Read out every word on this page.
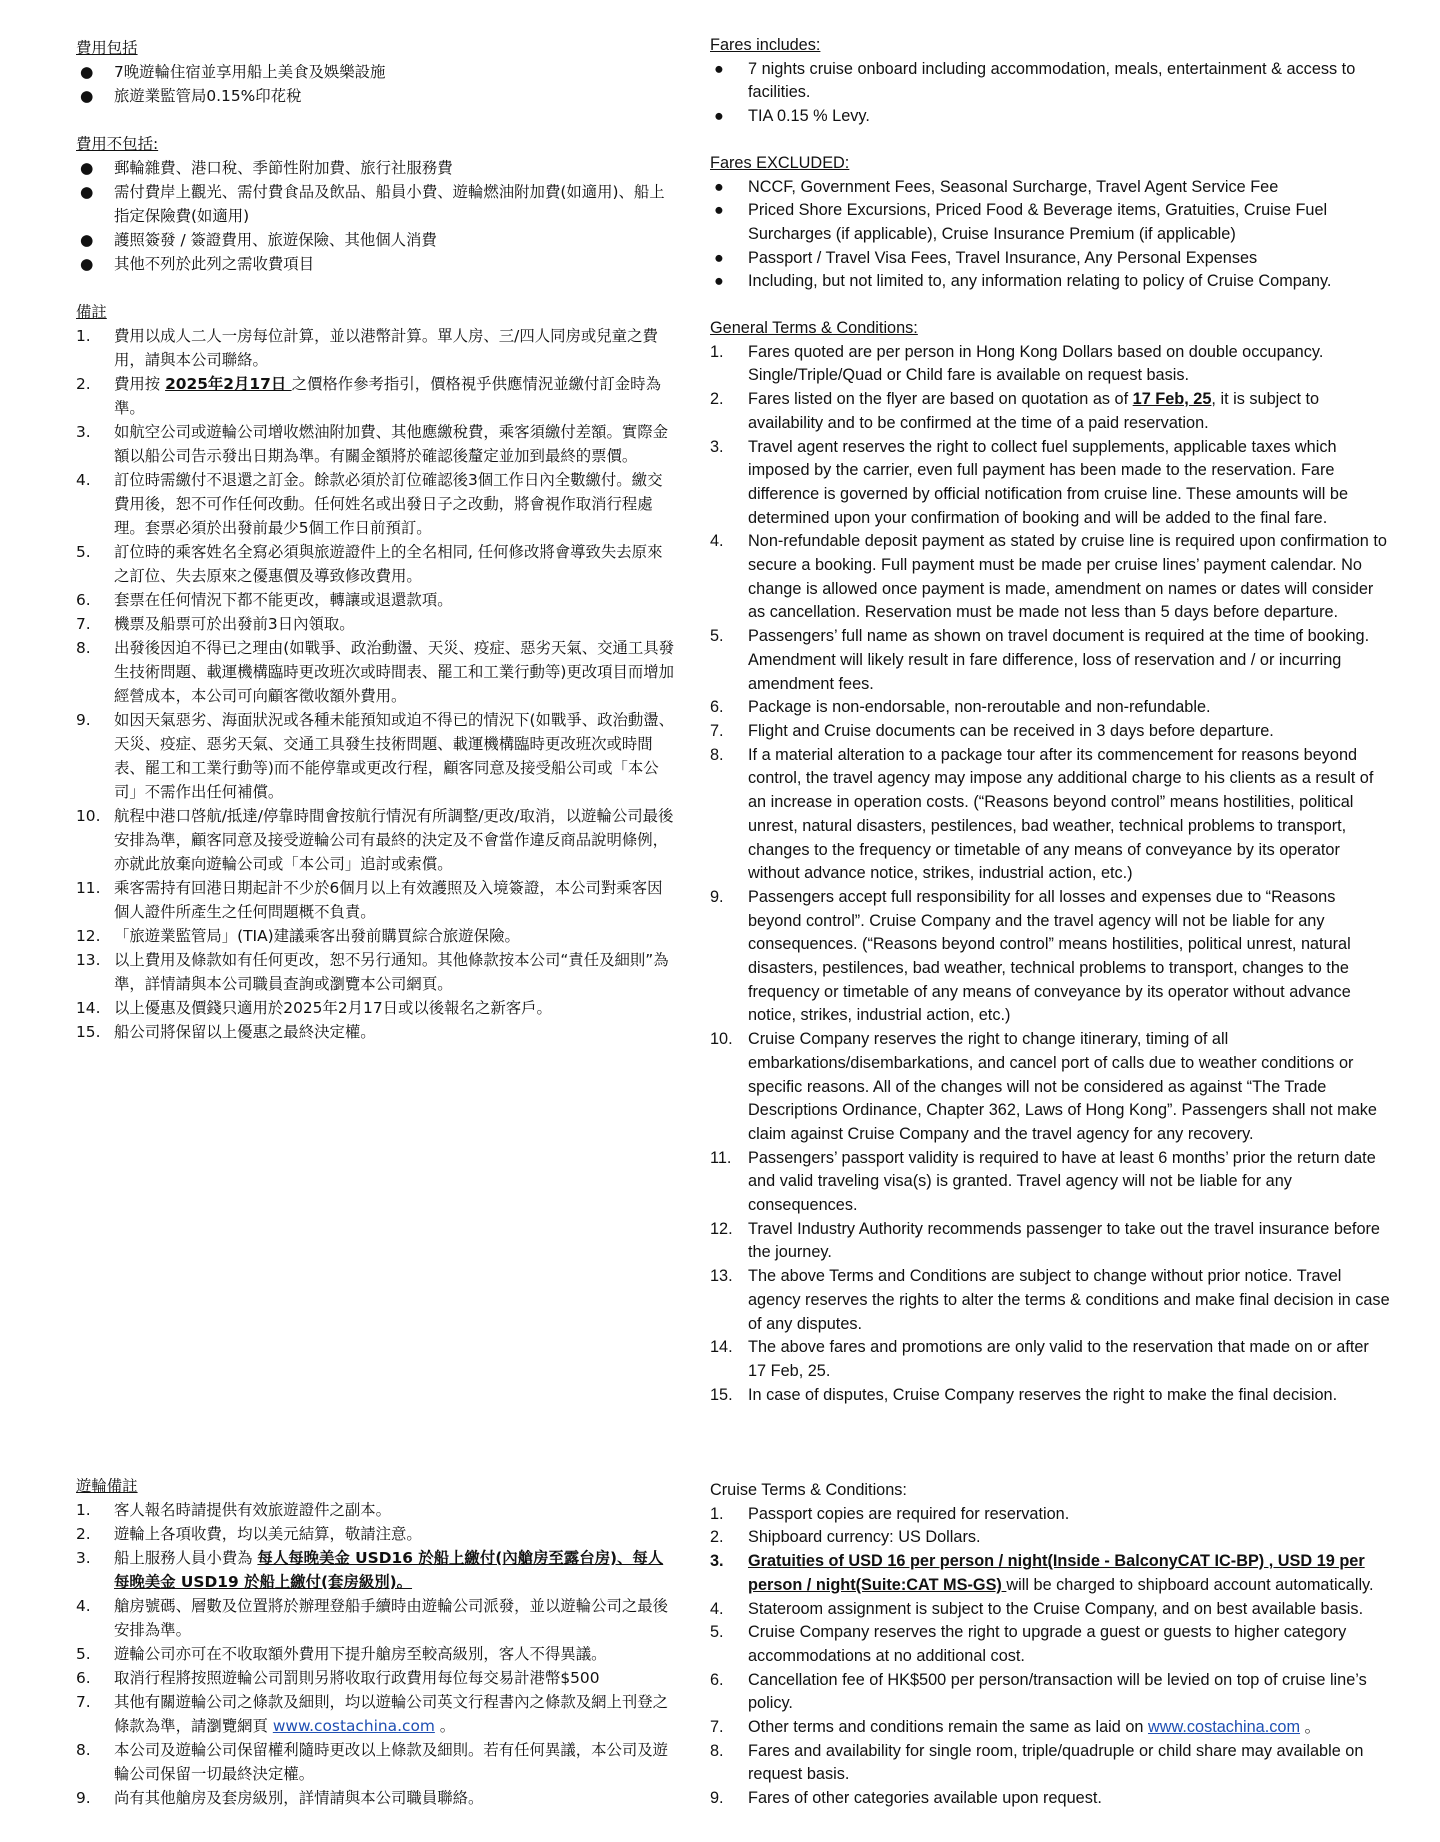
費用包括

● 7晚遊輪住宿並享用船上美食及娛樂設施
● 旅遊業監管局0.15%印花稅

費用不包括:

● 郵輪雜費、港口稅、季節性附加費、旅行社服務費
● 需付費岸上觀光、需付費食品及飲品、船員小費、遊輪燃油附加費(如適用)、船上指定保險費(如適用)
● 護照簽發 / 簽證費用、旅遊保險、其他個人消費
● 其他不列於此列之需收費項目

備註

1. 費用以成人二人一房每位計算，並以港幣計算。單人房、三/四人同房或兒童之費用，請與本公司聯絡。
2. 費用按 2025年2月17日 之價格作參考指引，價格視乎供應情況並繳付訂金時為準。
3. 如航空公司或遊輪公司增收燃油附加費、其他應繳稅費，乘客須繳付差額。實際金額以船公司告示發出日期為準。有關金額將於確認後釐定並加到最終的票價。
4. 訂位時需繳付不退還之訂金。餘款必須於訂位確認後3個工作日內全數繳付。繳交費用後，恕不可作任何改動。任何姓名或出發日子之改動，將會視作取消行程處理。套票必須於出發前最少5個工作日前預訂。
5. 訂位時的乘客姓名全寫必須與旅遊證件上的全名相同, 任何修改將會導致失去原來之訂位、失去原來之優惠價及導致修改費用。
6. 套票在任何情況下都不能更改，轉讓或退還款項。
7. 機票及船票可於出發前3日內領取。
8. 出發後因迫不得已之理由(如戰爭、政治動盪、天災、疫症、惡劣天氣、交通工具發生技術問題、載運機構臨時更改班次或時間表、罷工和工業行動等)更改項目而增加經營成本，本公司可向顧客徵收額外費用。
9. 如因天氣惡劣、海面狀況或各種未能預知或迫不得已的情況下(如戰爭、政治動盪、天災、疫症、惡劣天氣、交通工具發生技術問題、載運機構臨時更改班次或時間表、罷工和工業行動等)而不能停靠或更改行程，顧客同意及接受船公司或「本公司」不需作出任何補償。
10. 航程中港口啓航/抵達/停靠時間會按航行情況有所調整/更改/取消，以遊輪公司最後安排為準，顧客同意及接受遊輪公司有最終的決定及不會當作違反商品說明條例，亦就此放棄向遊輪公司或「本公司」追討或索償。
11. 乘客需持有回港日期起計不少於6個月以上有效護照及入境簽證，本公司對乘客因個人證件所產生之任何問題概不負責。
12. 「旅遊業監管局」(TIA)建議乘客出發前購買綜合旅遊保險。
13. 以上費用及條款如有任何更改，恕不另行通知。其他條款按本公司“責任及細則”為準，詳情請與本公司職員查詢或瀏覽本公司網頁。
14. 以上優惠及價錢只適用於2025年2月17日或以後報名之新客戶。
15. 船公司將保留以上優惠之最終決定權。

遊輪備註

1. 客人報名時請提供有效旅遊證件之副本。
2. 遊輪上各項收費，均以美元結算，敬請注意。
3. 船上服務人員小費為 每人每晚美金 USD16 於船上繳付(內艙房至露台房)、每人每晚美金 USD19 於船上繳付(套房級別)。
4. 艙房號碼、層數及位置將於辦理登船手續時由遊輪公司派發，並以遊輪公司之最後安排為準。
5. 遊輪公司亦可在不收取額外費用下提升艙房至較高級別，客人不得異議。
6. 取消行程將按照遊輪公司罰則另將收取行政費用每位每交易計港幣$500
7. 其他有關遊輪公司之條款及細則，均以遊輪公司英文行程書內之條款及網上刊登之條款為準，請瀏覽網頁 www.costachina.com 。
8. 本公司及遊輪公司保留權利隨時更改以上條款及細則。若有任何異議，本公司及遊輪公司保留一切最終決定權。
9. 尚有其他艙房及套房級別，詳情請與本公司職員聯絡。

Fares includes:

● 7 nights cruise onboard including accommodation, meals, entertainment & access to facilities.
● TIA 0.15 % Levy.

Fares EXCLUDED:

● NCCF, Government Fees, Seasonal Surcharge, Travel Agent Service Fee
● Priced Shore Excursions, Priced Food & Beverage items, Gratuities, Cruise Fuel Surcharges (if applicable), Cruise Insurance Premium (if applicable)
● Passport / Travel Visa Fees, Travel Insurance, Any Personal Expenses
● Including, but not limited to, any information relating to policy of Cruise Company.

General Terms & Conditions:

1. Fares quoted are per person in Hong Kong Dollars based on double occupancy. Single/Triple/Quad or Child fare is available on request basis.
2. Fares listed on the flyer are based on quotation as of 17 Feb, 25, it is subject to availability and to be confirmed at the time of a paid reservation.
3. Travel agent reserves the right to collect fuel supplements, applicable taxes which imposed by the carrier, even full payment has been made to the reservation. Fare difference is governed by official notification from cruise line. These amounts will be determined upon your confirmation of booking and will be added to the final fare.
4. Non-refundable deposit payment as stated by cruise line is required upon confirmation to secure a booking. Full payment must be made per cruise lines’ payment calendar. No change is allowed once payment is made, amendment on names or dates will consider as cancellation. Reservation must be made not less than 5 days before departure.
5. Passengers’ full name as shown on travel document is required at the time of booking. Amendment will likely result in fare difference, loss of reservation and / or incurring amendment fees.
6. Package is non-endorsable, non-reroutable and non-refundable.
7. Flight and Cruise documents can be received in 3 days before departure.
8. If a material alteration to a package tour after its commencement for reasons beyond control, the travel agency may impose any additional charge to his clients as a result of an increase in operation costs. (“Reasons beyond control” means hostilities, political unrest, natural disasters, pestilences, bad weather, technical problems to transport, changes to the frequency or timetable of any means of conveyance by its operator without advance notice, strikes, industrial action, etc.)
9. Passengers accept full responsibility for all losses and expenses due to “Reasons beyond control”. Cruise Company and the travel agency will not be liable for any consequences. (“Reasons beyond control” means hostilities, political unrest, natural disasters, pestilences, bad weather, technical problems to transport, changes to the frequency or timetable of any means of conveyance by its operator without advance notice, strikes, industrial action, etc.)
10. Cruise Company reserves the right to change itinerary, timing of all embarkations/disembarkations, and cancel port of calls due to weather conditions or specific reasons. All of the changes will not be considered as against “The Trade Descriptions Ordinance, Chapter 362, Laws of Hong Kong”. Passengers shall not make claim against Cruise Company and the travel agency for any recovery.
11. Passengers’ passport validity is required to have at least 6 months’ prior the return date and valid traveling visa(s) is granted. Travel agency will not be liable for any consequences.
12. Travel Industry Authority recommends passenger to take out the travel insurance before the journey.
13. The above Terms and Conditions are subject to change without prior notice. Travel agency reserves the rights to alter the terms & conditions and make final decision in case of any disputes.
14. The above fares and promotions are only valid to the reservation that made on or after 17 Feb, 25.
15. In case of disputes, Cruise Company reserves the right to make the final decision.

Cruise Terms & Conditions:

1. Passport copies are required for reservation.
2. Shipboard currency: US Dollars.
3. Gratuities of USD 16 per person / night(Inside - BalconyCAT IC-BP) , USD 19 per person / night(Suite:CAT MS-GS) will be charged to shipboard account automatically.
4. Stateroom assignment is subject to the Cruise Company, and on best available basis.
5. Cruise Company reserves the right to upgrade a guest or guests to higher category accommodations at no additional cost.
6. Cancellation fee of HK$500 per person/transaction will be levied on top of cruise line’s policy.
7. Other terms and conditions remain the same as laid on www.costachina.com 。
8. Fares and availability for single room, triple/quadruple or child share may available on request basis.
9. Fares of other categories available upon request.
